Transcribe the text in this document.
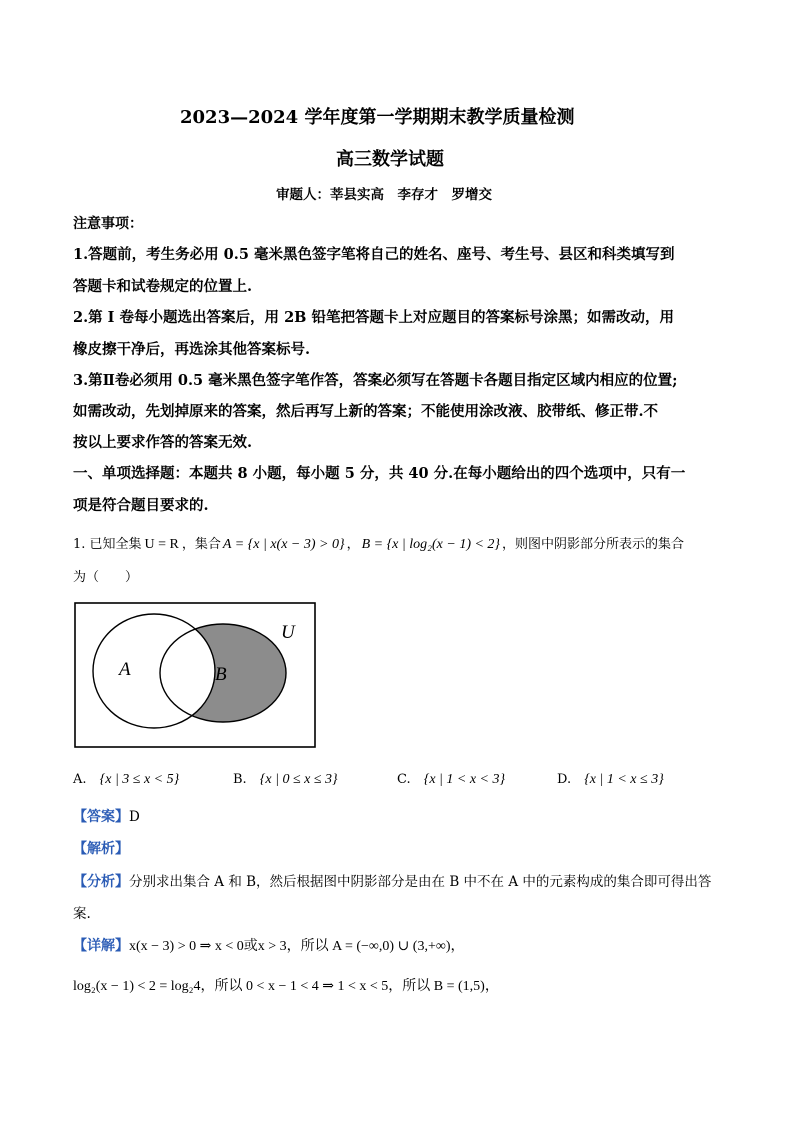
2023—2024 学年度第一学期期末教学质量检测
高三数学试题
审题人：莘县实高　李存才　罗增交
注意事项：
1.答题前，考生务必用 0.5 毫米黑色签字笔将自己的姓名、座号、考生号、县区和科类填写到
答题卡和试卷规定的位置上.
2.第 I 卷每小题选出答案后，用 2B 铅笔把答题卡上对应题目的答案标号涂黑；如需改动，用
橡皮擦干净后，再选涂其他答案标号.
3.第Ⅱ卷必须用 0.5 毫米黑色签字笔作答，答案必须写在答题卡各题目指定区域内相应的位置;
如需改动，先划掉原来的答案，然后再写上新的答案；不能使用涂改液、胶带纸、修正带.不
按以上要求作答的答案无效.
一、单项选择题：本题共 8 小题，每小题 5 分，共 40 分.在每小题给出的四个选项中，只有一
项是符合题目要求的.
1. 已知全集 U = R ，集合 A = {x | x(x − 3) > 0} ， B = {x | log₂(x − 1) < 2} ，则图中阴影部分所表示的集合
为（　　）
U
A	B
A. {x | 3 ≤ x < 5}	B. {x | 0 ≤ x ≤ 3}	C. {x | 1 < x < 3}	D. {x | 1 < x ≤ 3}
【答案】D
【解析】
【分析】分别求出集合 A 和 B，然后根据图中阴影部分是由在 B 中不在 A 中的元素构成的集合即可得出答
案.
【详解】x(x − 3) > 0 ⇒ x < 0或x > 3，所以 A = (−∞,0) ∪ (3,+∞)，
log₂(x − 1) < 2 = log₂4，所以 0 < x − 1 < 4 ⇒ 1 < x < 5，所以 B = (1,5)，
